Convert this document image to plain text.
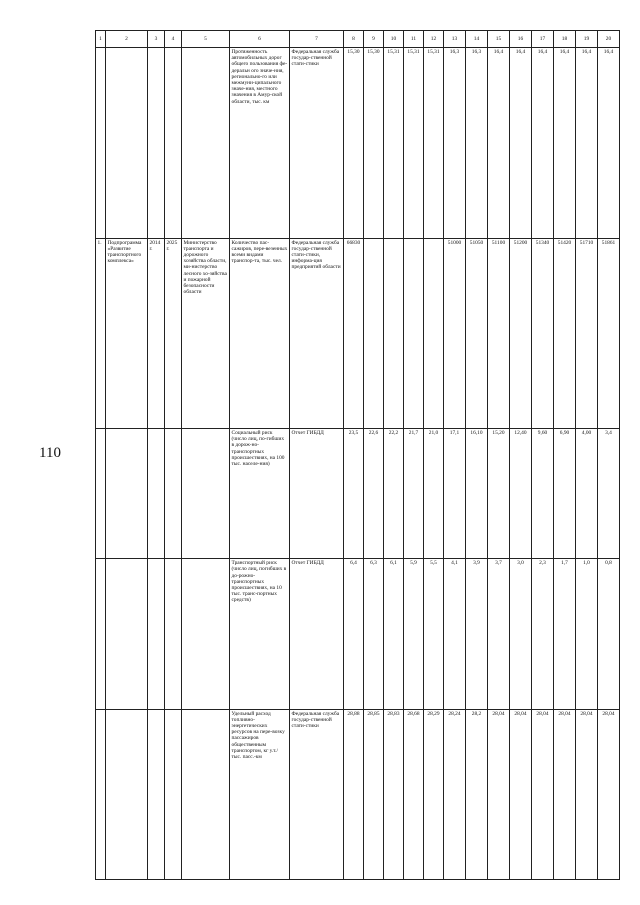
110
1	2	3	4	5	6	7	8	9	10	11	12	13	14	15	16	17	18	19	20
					Протяженность автомобильных дорог общего пользования фе-деральн ого значе-ния, регионально-го или межмуни-ципального значе-ния, местного значения в Амур-ской области, тыс. км	Федеральная служба государ-ственной стати-стики	15,30	15,30	15,31	15,31	15,31	16,3	16,3	16,4	16,4	16,4	16,4	16,4	16,4
1.	Подпрограмма «Развитие транспортного комплекса»	2014 г.	2025 г.	Министерство транспорта и дорожного хозяйства области, ми-нистерство лесного хо-зяйства и пожарной безопасности области	Количество пас-сажиров, пере-везенных всеми видами транспор-та, тыс. чел.	Федеральная служба государ-ственной стати-стики, информа-ция предприятий области	66830					51000	51050	51100	51200	51340	51420	51710	51861
					Социальный риск (число лиц, по-гибших в дорож-но-транспортных происшествиях, на 100 тыс. населе-ния)	Отчет ГИБДД	23,5	22,6	22,2	21,7	21,0	17,1	16,10	15,20	12,40	9,60	6,90	4,00	3,4
					Транспортный риск (число лиц, погибших в до-рожно-транспортных происшествиях, на 10 тыс. транс-портных средств)	Отчет ГИБДД	6,4	6,3	6,1	5,9	5,5	4,1	3,9	3,7	3,0	2,3	1,7	1,0	0,8
					Удельный расход топливно-энергетических ресурсов на пере-возку пассажиров общественным транспортом, кг у.т./тыс. пасс.-км	Федеральная служба государ-ственной стати-стики	28,88	28,85	28,83	28,68	28,29	28,24	28,2	28,04	28,04	28,04	28,04	28,04	28,04
